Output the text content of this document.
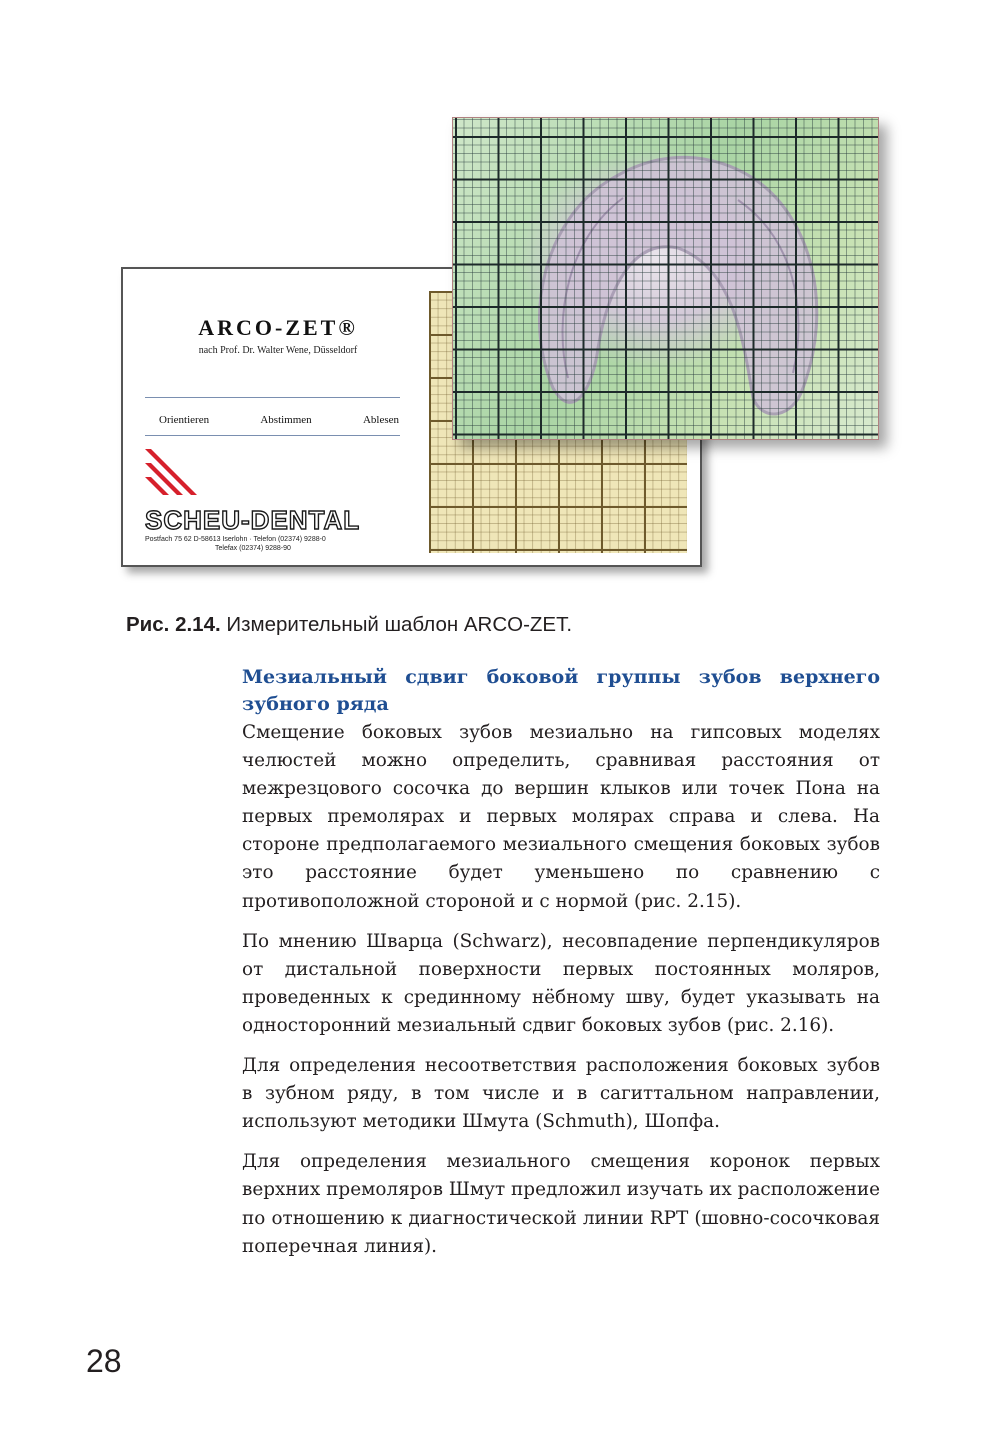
ARCO-ZET®
nach Prof. Dr. Walter Wene, Düsseldorf
Orientieren	Abstimmen	Ablesen
SCHEU-DENTAL
Postfach 75 62 D-58613 Iserlohn · Telefon (02374) 9288-0
Telefax (02374) 9288-90
Рис. 2.14. Измерительный шаблон ARCO-ZET.
Мезиальный сдвиг боковой группы зубов верхнего зубного ряда

Смещение боковых зубов мезиально на гипсовых моделях челюстей можно определить, сравнивая расстояния от межрезцового сосочка до вершин клыков или точек Пона на первых премолярах и первых молярах справа и слева. На стороне предполагаемого мезиального смещения боковых зубов это расстояние будет уменьшено по сравнению с противоположной стороной и с нормой (рис. 2.15).

По мнению Шварца (Schwarz), несовпадение перпендикуляров от дистальной поверхности первых постоянных моляров, проведенных к срединному нёбному шву, будет указывать на односторонний мезиальный сдвиг боковых зубов (рис. 2.16).

Для определения несоответствия расположения боковых зубов в зубном ряду, в том числе и в сагиттальном направлении, используют методики Шмута (Schmuth), Шопфа.

Для определения мезиального смещения коронок первых верхних премоляров Шмут предложил изучать их расположение по отношению к диагностической линии RPT (шовно-сосочковая поперечная линия).

28
